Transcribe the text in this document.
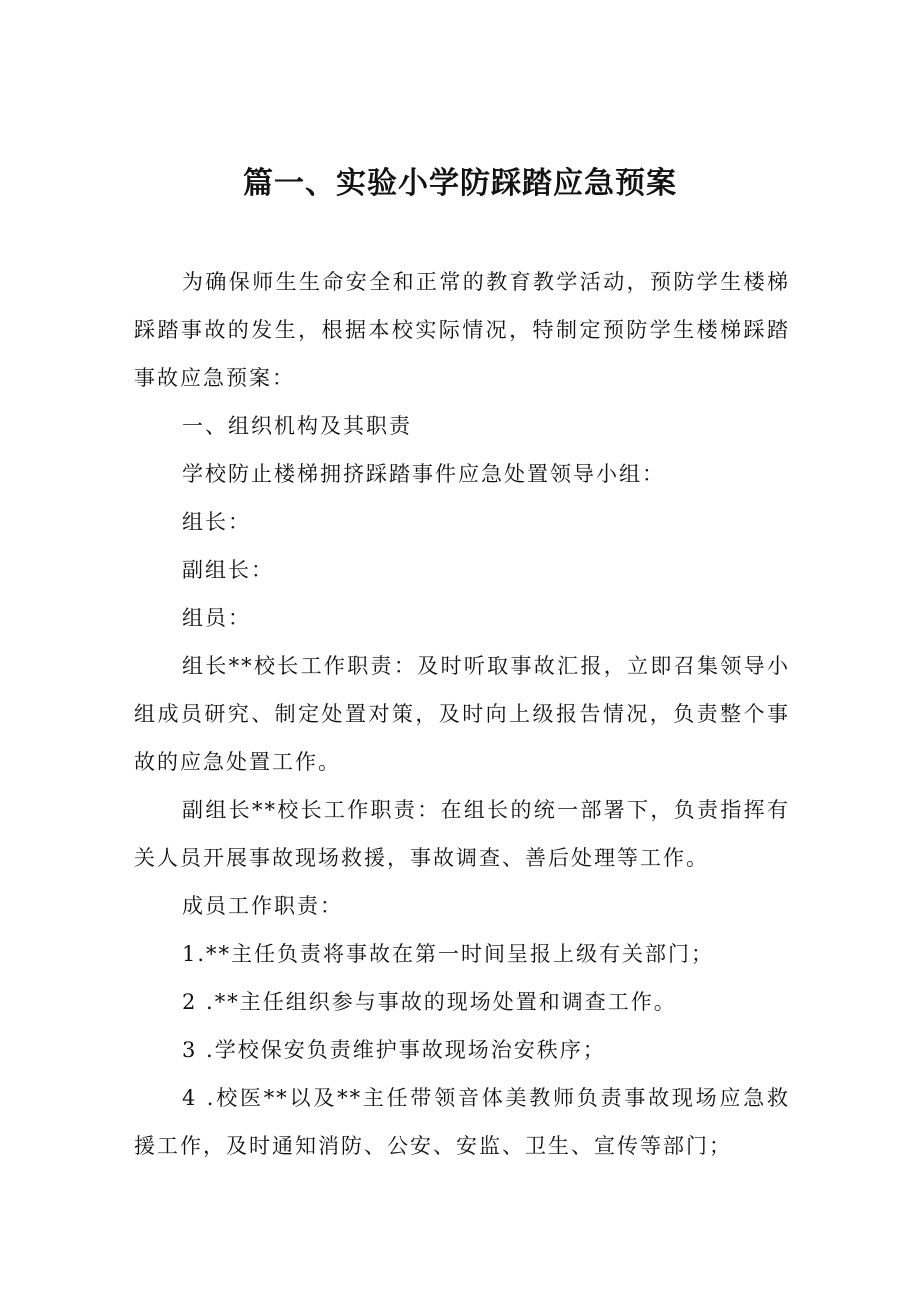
篇一、实验小学防踩踏应急预案

为确保师生生命安全和正常的教育教学活动，预防学生楼梯踩踏事故的发生，根据本校实际情况，特制定预防学生楼梯踩踏事故应急预案：

一、组织机构及其职责

学校防止楼梯拥挤踩踏事件应急处置领导小组：

组长：

副组长：

组员：

组长**校长工作职责：及时听取事故汇报，立即召集领导小组成员研究、制定处置对策，及时向上级报告情况，负责整个事故的应急处置工作。

副组长**校长工作职责：在组长的统一部署下，负责指挥有关人员开展事故现场救援，事故调查、善后处理等工作。

成员工作职责：

1.**主任负责将事故在第一时间呈报上级有关部门；

2 .**主任组织参与事故的现场处置和调查工作。

3 .学校保安负责维护事故现场治安秩序；

4 .校医**以及**主任带领音体美教师负责事故现场应急救援工作，及时通知消防、公安、安监、卫生、宣传等部门；
